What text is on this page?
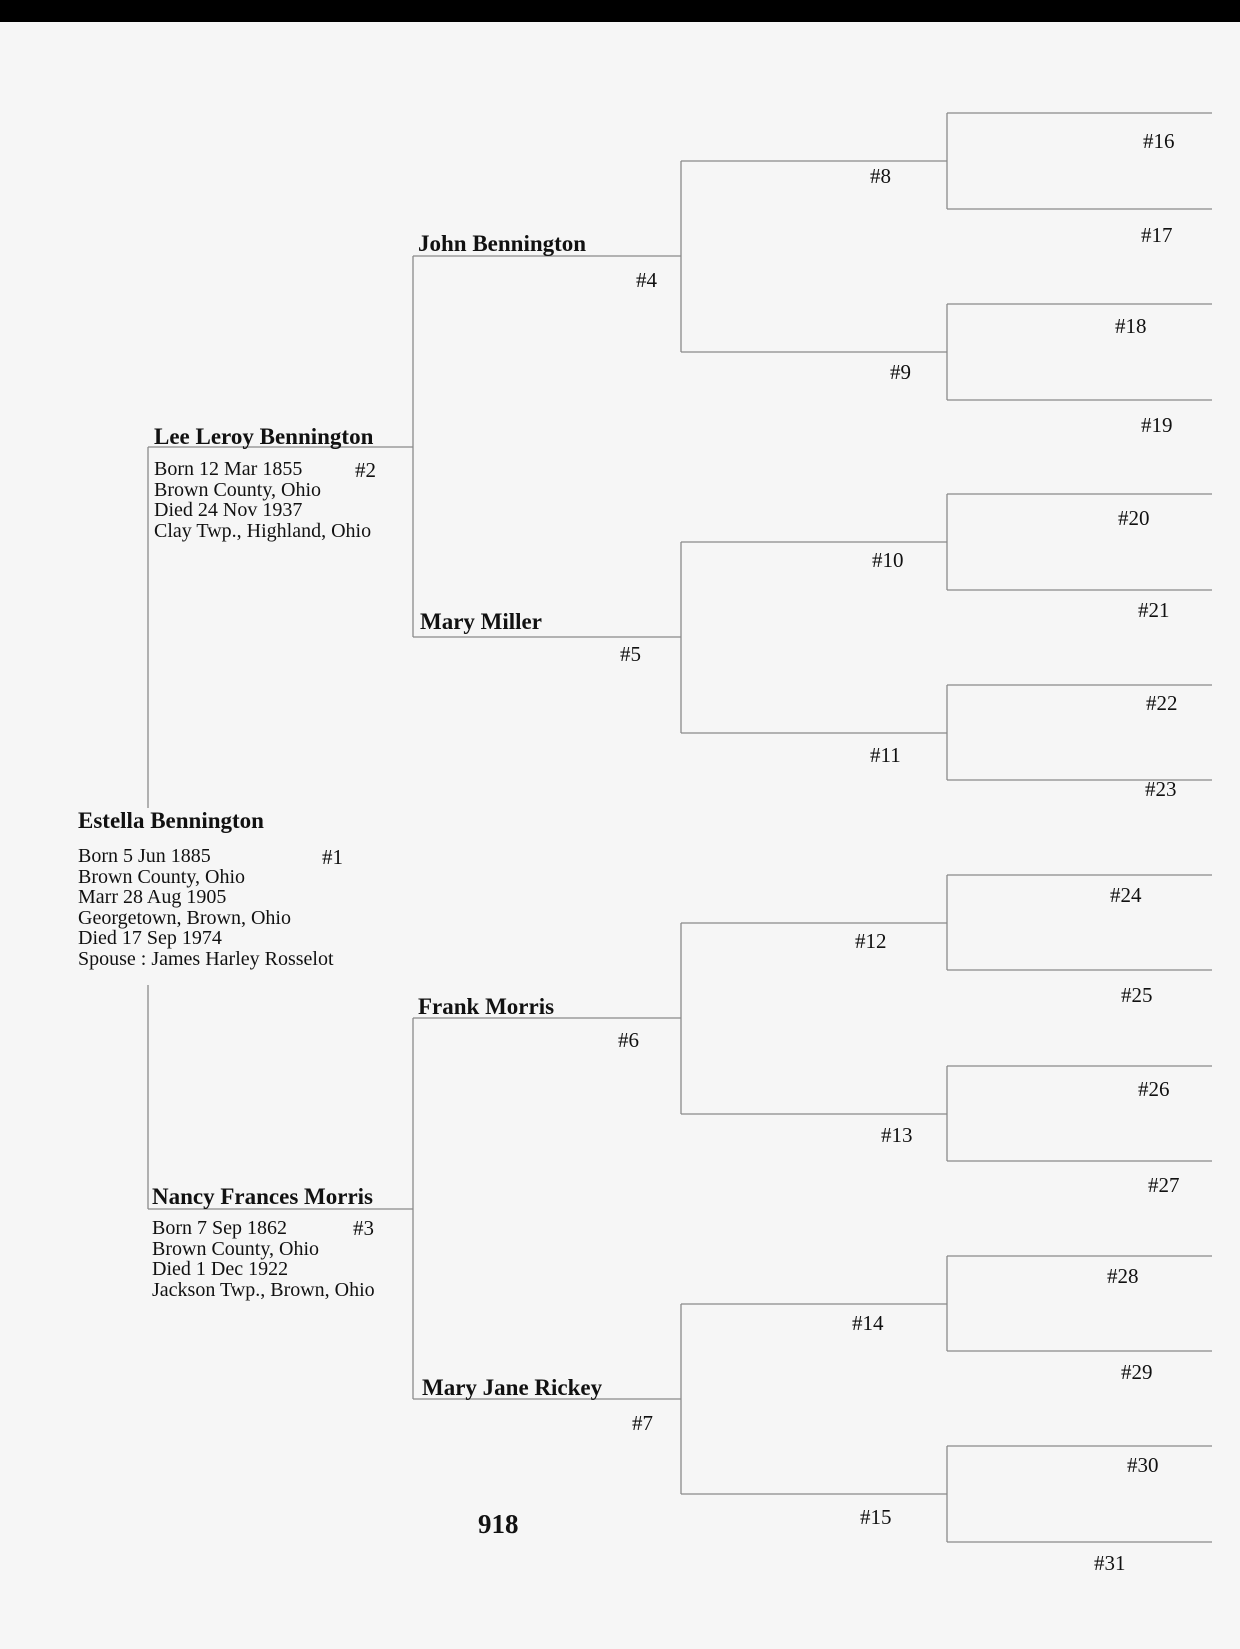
Estella Bennington
Born 5 Jun 1885
Brown County, Ohio
Marr 28 Aug 1905
Georgetown, Brown, Ohio
Died 17 Sep 1974
Spouse : James Harley Rosselot
#1
Lee Leroy Bennington
Born 12 Mar 1855
Brown County, Ohio
Died 24 Nov 1937
Clay Twp., Highland, Ohio
#2
Nancy Frances Morris
Born 7 Sep 1862
Brown County, Ohio
Died 1 Dec 1922
Jackson Twp., Brown, Ohio
#3
John Bennington
#4
Mary Miller
#5
Frank Morris
#6
Mary Jane Rickey
#7
#8
#9
#10
#11
#12
#13
#14
#15
#16
#17
#18
#19
#20
#21
#22
#23
#24
#25
#26
#27
#28
#29
#30
#31
918
